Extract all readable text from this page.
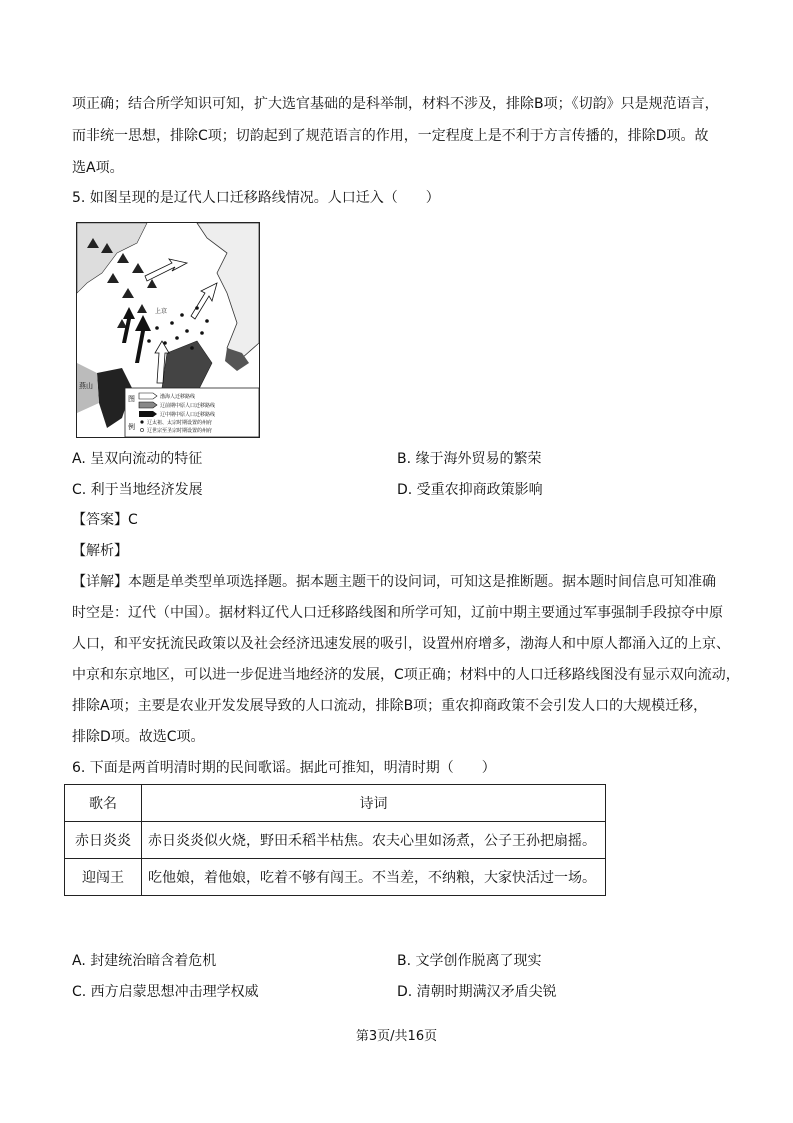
项正确；结合所学知识可知，扩大选官基础的是科举制，材料不涉及，排除B项；《切韵》只是规范语言，
而非统一思想，排除C项；切韵起到了规范语言的作用，一定程度上是不利于方言传播的，排除D项。故
选A项。
5. 如图呈现的是辽代人口迁移路线情况。人口迁入（　　）
上京
燕山
图
例
渤海人迁移路线
辽前期中原人口迁移路线
辽中期中原人口迁移路线
辽太祖、太宗时期设置的州府
辽世宗至圣宗时期设置的州府
A. 呈双向流动的特征	B. 缘于海外贸易的繁荣
C. 利于当地经济发展	D. 受重农抑商政策影响
【答案】C
【解析】
【详解】本题是单类型单项选择题。据本题主题干的设问词，可知这是推断题。据本题时间信息可知准确
时空是：辽代（中国）。据材料辽代人口迁移路线图和所学可知，辽前中期主要通过军事强制手段掠夺中原
人口，和平安抚流民政策以及社会经济迅速发展的吸引，设置州府增多，渤海人和中原人都涌入辽的上京、
中京和东京地区，可以进一步促进当地经济的发展，C项正确；材料中的人口迁移路线图没有显示双向流动，
排除A项；主要是农业开发发展导致的人口流动，排除B项；重农抑商政策不会引发人口的大规模迁移，
排除D项。故选C项。
6. 下面是两首明清时期的民间歌谣。据此可推知，明清时期（　　）
歌名	诗词
赤日炎炎	赤日炎炎似火烧，野田禾稻半枯焦。农夫心里如汤煮，公子王孙把扇摇。
迎闯王	吃他娘，着他娘，吃着不够有闯王。不当差，不纳粮，大家快活过一场。
A. 封建统治暗含着危机	B. 文学创作脱离了现实
C. 西方启蒙思想冲击理学权威	D. 清朝时期满汉矛盾尖锐
第3页/共16页
